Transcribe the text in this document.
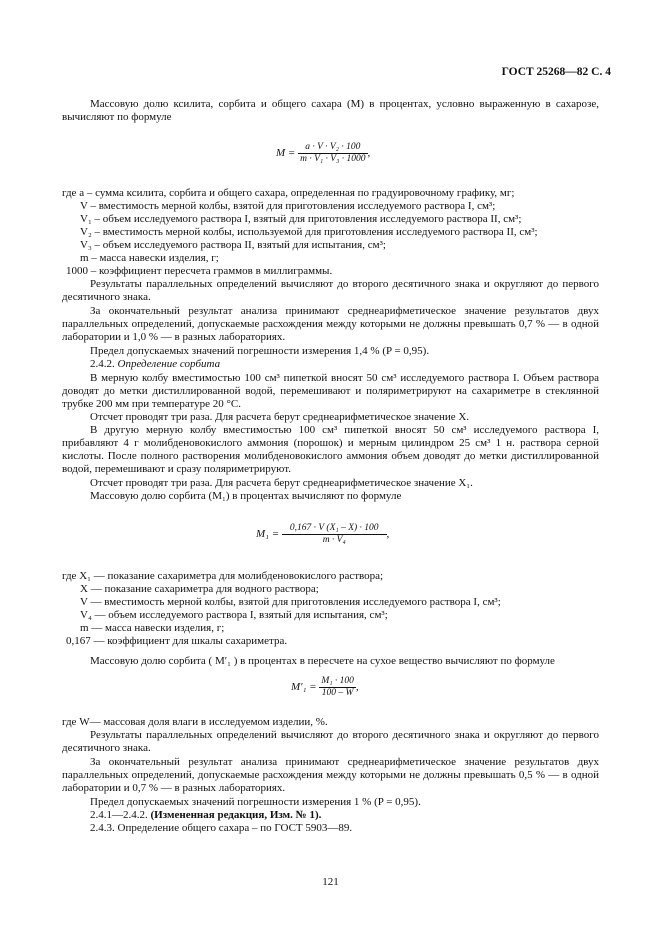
ГОСТ 25268—82 С. 4
Массовую долю ксилита, сорбита и общего сахара (M) в процентах, условно выраженную в сахарозе, вычисляют по формуле
$M = \frac{\text{a · V · V₂ · 100}}{\text{m · V₁ · V₃ · 1000}}$ ,
где a – сумма ксилита, сорбита и общего сахара, определенная по градуировочному графику, мг;
V – вместимость мерной колбы, взятой для приготовления исследуемого раствора I, см³;
V₁ – объем исследуемого раствора I, взятый для приготовления исследуемого раствора II, см³;
V₂ – вместимость мерной колбы, используемой для приготовления исследуемого раствора II, см³;
V₃ – объем исследуемого раствора II, взятый для испытания, см³;
m – масса навески изделия, г;
1000 – коэффициент пересчета граммов в миллиграммы.
Результаты параллельных определений вычисляют до второго десятичного знака и округляют до первого десятичного знака.
За окончательный результат анализа принимают среднеарифметическое значение результатов двух параллельных определений, допускаемые расхождения между которыми не должны превышать 0,7 % — в одной лаборатории и 1,0 % — в разных лабораториях.
Предел допускаемых значений погрешности измерения 1,4 % (P = 0,95).
2.4.2. Определение сорбита
В мерную колбу вместимостью 100 см³ пипеткой вносят 50 см³ исследуемого раствора I. Объем раствора доводят до метки дистиллированной водой, перемешивают и поляриметрируют на сахариметре в стеклянной трубке 200 мм при температуре 20 °С.
Отсчет проводят три раза. Для расчета берут среднеарифметическое значение X.
В другую мерную колбу вместимостью 100 см³ пипеткой вносят 50 см³ исследуемого раствора I, прибавляют 4 г молибденовокислого аммония (порошок) и мерным цилиндром 25 см³ 1 н. раствора серной кислоты. После полного растворения молибденовокислого аммония объем доводят до метки дистиллированной водой, перемешивают и сразу поляриметрируют.
Отсчет проводят три раза. Для расчета берут среднеарифметическое значение X₁.
Массовую долю сорбита (M₁) в процентах вычисляют по формуле
$M_1 = \frac{\text{0,167 · V (X₁ – X) · 100}}{\text{m · V₄}}$ ,
где X₁ — показание сахариметра для молибденовокислого раствора;
X — показание сахариметра для водного раствора;
V — вместимость мерной колбы, взятой для приготовления исследуемого раствора I, см³;
V₄ — объем исследуемого раствора I, взятый для испытания, см³;
m — масса навески изделия, г;
0,167 — коэффициент для шкалы сахариметра.
Массовую долю сорбита ( M′₁ ) в процентах в пересчете на сухое вещество вычисляют по формуле
$M'_1 = \frac{\text{M₁ · 100}}{100 - W}$ ,
где W— массовая доля влаги в исследуемом изделии, %.
Результаты параллельных определений вычисляют до второго десятичного знака и округляют до первого десятичного знака.
За окончательный результат анализа принимают среднеарифметическое значение результатов двух параллельных определений, допускаемые расхождения между которыми не должны превышать 0,5 % — в одной лаборатории и 0,7 % — в разных лабораториях.
Предел допускаемых значений погрешности измерения 1 % (P = 0,95).
2.4.1—2.4.2. (Измененная редакция, Изм. № 1).
2.4.3. Определение общего сахара – по ГОСТ 5903—89.
121
